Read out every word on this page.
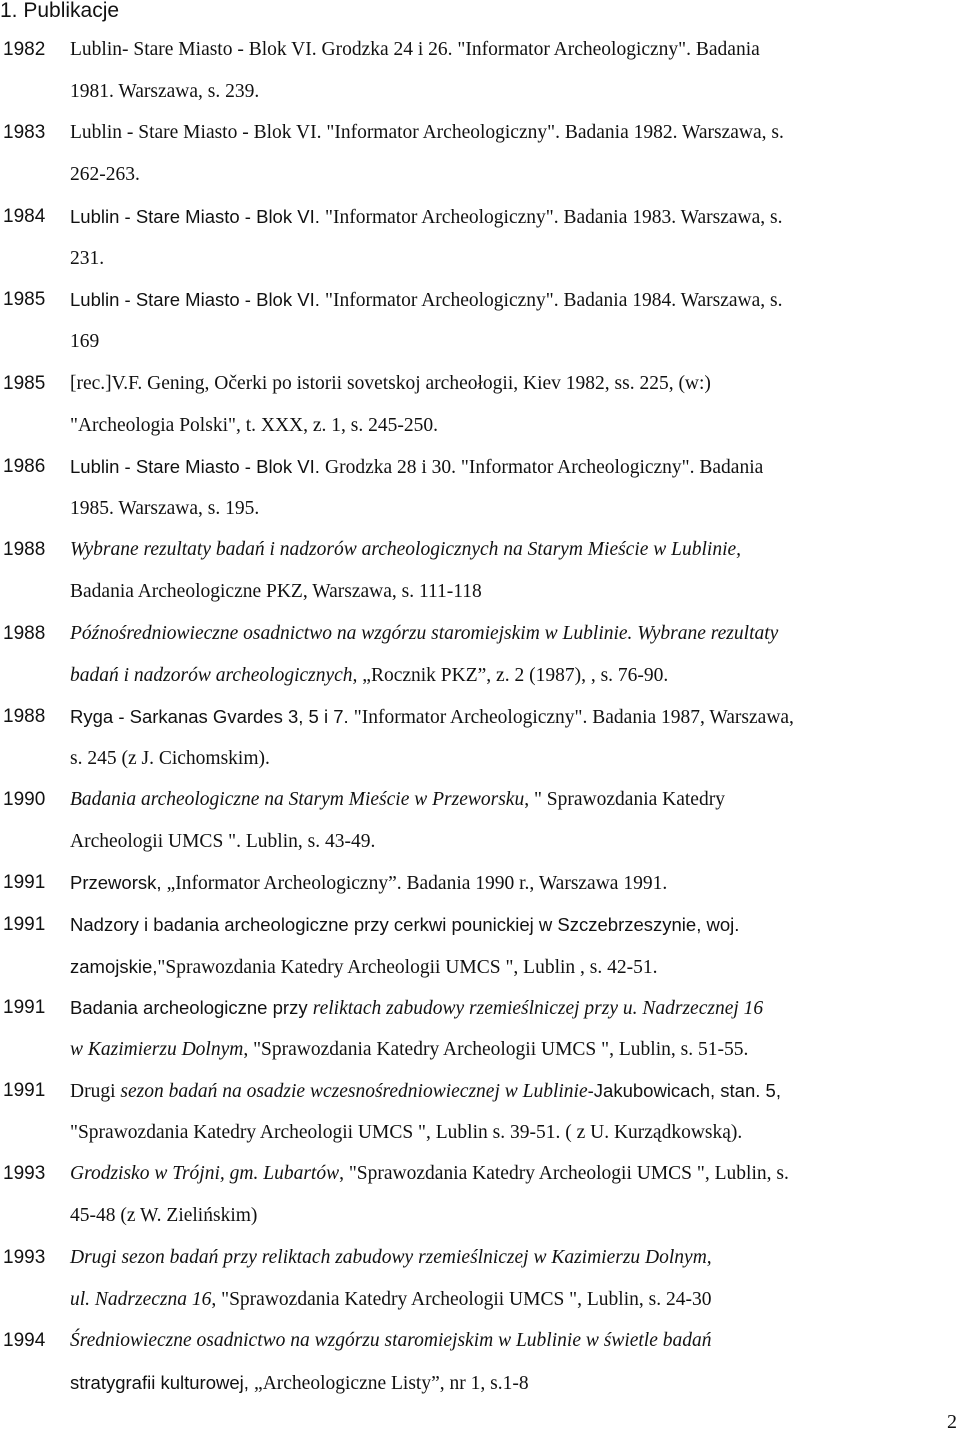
1. Publikacje
1982	Lublin- Stare Miasto - Blok VI. Grodzka 24 i 26. "Informator Archeologiczny". Badania
1981. Warszawa, s. 239.
1983	Lublin - Stare Miasto - Blok VI. "Informator Archeologiczny". Badania 1982. Warszawa, s.
262-263.
1984	Lublin - Stare Miasto - Blok VI. "Informator Archeologiczny". Badania 1983. Warszawa, s.
231.
1985	Lublin - Stare Miasto - Blok VI. "Informator Archeologiczny". Badania 1984. Warszawa, s.
169
1985	[rec.]V.F. Gening, Očerki po istorii sovetskoj archeołogii, Kiev 1982, ss. 225, (w:)
"Archeologia Polski", t. XXX, z. 1, s. 245-250.
1986	Lublin - Stare Miasto - Blok VI. Grodzka 28 i 30. "Informator Archeologiczny". Badania
1985. Warszawa, s. 195.
1988	Wybrane rezultaty badań i nadzorów archeologicznych na Starym Mieście w Lublinie,
Badania Archeologiczne PKZ, Warszawa, s. 111-118
1988	Późnośredniowieczne osadnictwo na wzgórzu staromiejskim w Lublinie. Wybrane rezultaty
badań i nadzorów archeologicznych, „Rocznik PKZ”, z. 2 (1987), , s. 76-90.
1988	Ryga - Sarkanas Gvardes 3, 5 i 7. "Informator Archeologiczny". Badania 1987, Warszawa,
s. 245 (z J. Cichomskim).
1990	Badania archeologiczne na Starym Mieście w Przeworsku, " Sprawozdania Katedry
Archeologii UMCS ". Lublin, s. 43-49.
1991	Przeworsk, „Informator Archeologiczny”. Badania 1990 r., Warszawa 1991.
1991	Nadzory i badania archeologiczne przy cerkwi pounickiej w Szczebrzeszynie, woj.
zamojskie,"Sprawozdania Katedry Archeologii UMCS ", Lublin , s. 42-51.
1991	Badania archeologiczne przy reliktach zabudowy rzemieślniczej przy u. Nadrzecznej 16
w ̇Kazimierzu Dolnym, "Sprawozdania Katedry Archeologii UMCS ", Lublin, s. 51-55.
1991	Drugi sezon badań na osadzie wczesnośredniowiecznej w ̇Lublinie-Jakubowicach, stan. 5,
"Sprawozdania Katedry Archeologii UMCS ", Lublin s. 39-51. ( z U. Kurządkowską).
1993	Grodzisko w Trójni, gm. Lubartów, "Sprawozdania Katedry Archeologii UMCS ", Lublin, s.
45-48 (z W. Zielińskim)
1993	Drugi sezon badań przy reliktach zabudowy rzemieślniczej w Kazimierzu Dolnym,
ul. ̇Nadrzeczna 16, "Sprawozdania Katedry Archeologii UMCS ", Lublin, s. 24-30
1994	Średniowieczne osadnictwo na wzgórzu staromiejskim w Lublinie w świetle badań
stratygrafii kulturowej, „Archeologiczne Listy”, nr 1, s.1-8
2
